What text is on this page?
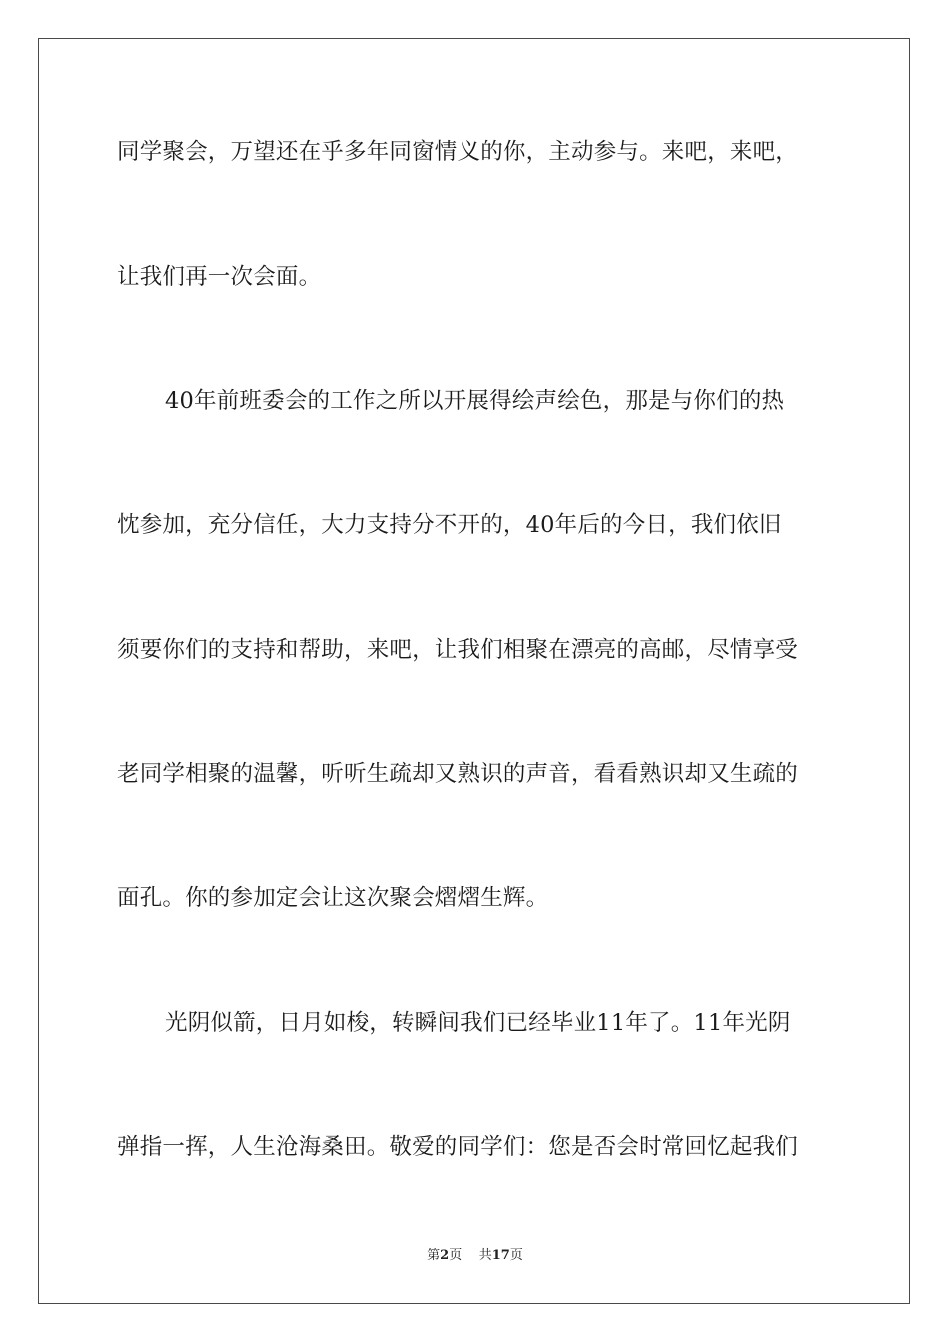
同学聚会，万望还在乎多年同窗情义的你，主动参与。来吧，来吧，
让我们再一次会面。
40年前班委会的工作之所以开展得绘声绘色，那是与你们的热
忱参加，充分信任，大力支持分不开的，40年后的今日，我们依旧
须要你们的支持和帮助，来吧，让我们相聚在漂亮的高邮，尽情享受
老同学相聚的温馨，听听生疏却又熟识的声音，看看熟识却又生疏的
面孔。你的参加定会让这次聚会熠熠生辉。
光阴似箭，日月如梭，转瞬间我们已经毕业11年了。11年光阴
弹指一挥，人生沧海桑田。敬爱的同学们：您是否会时常回忆起我们
第2页 共17页
